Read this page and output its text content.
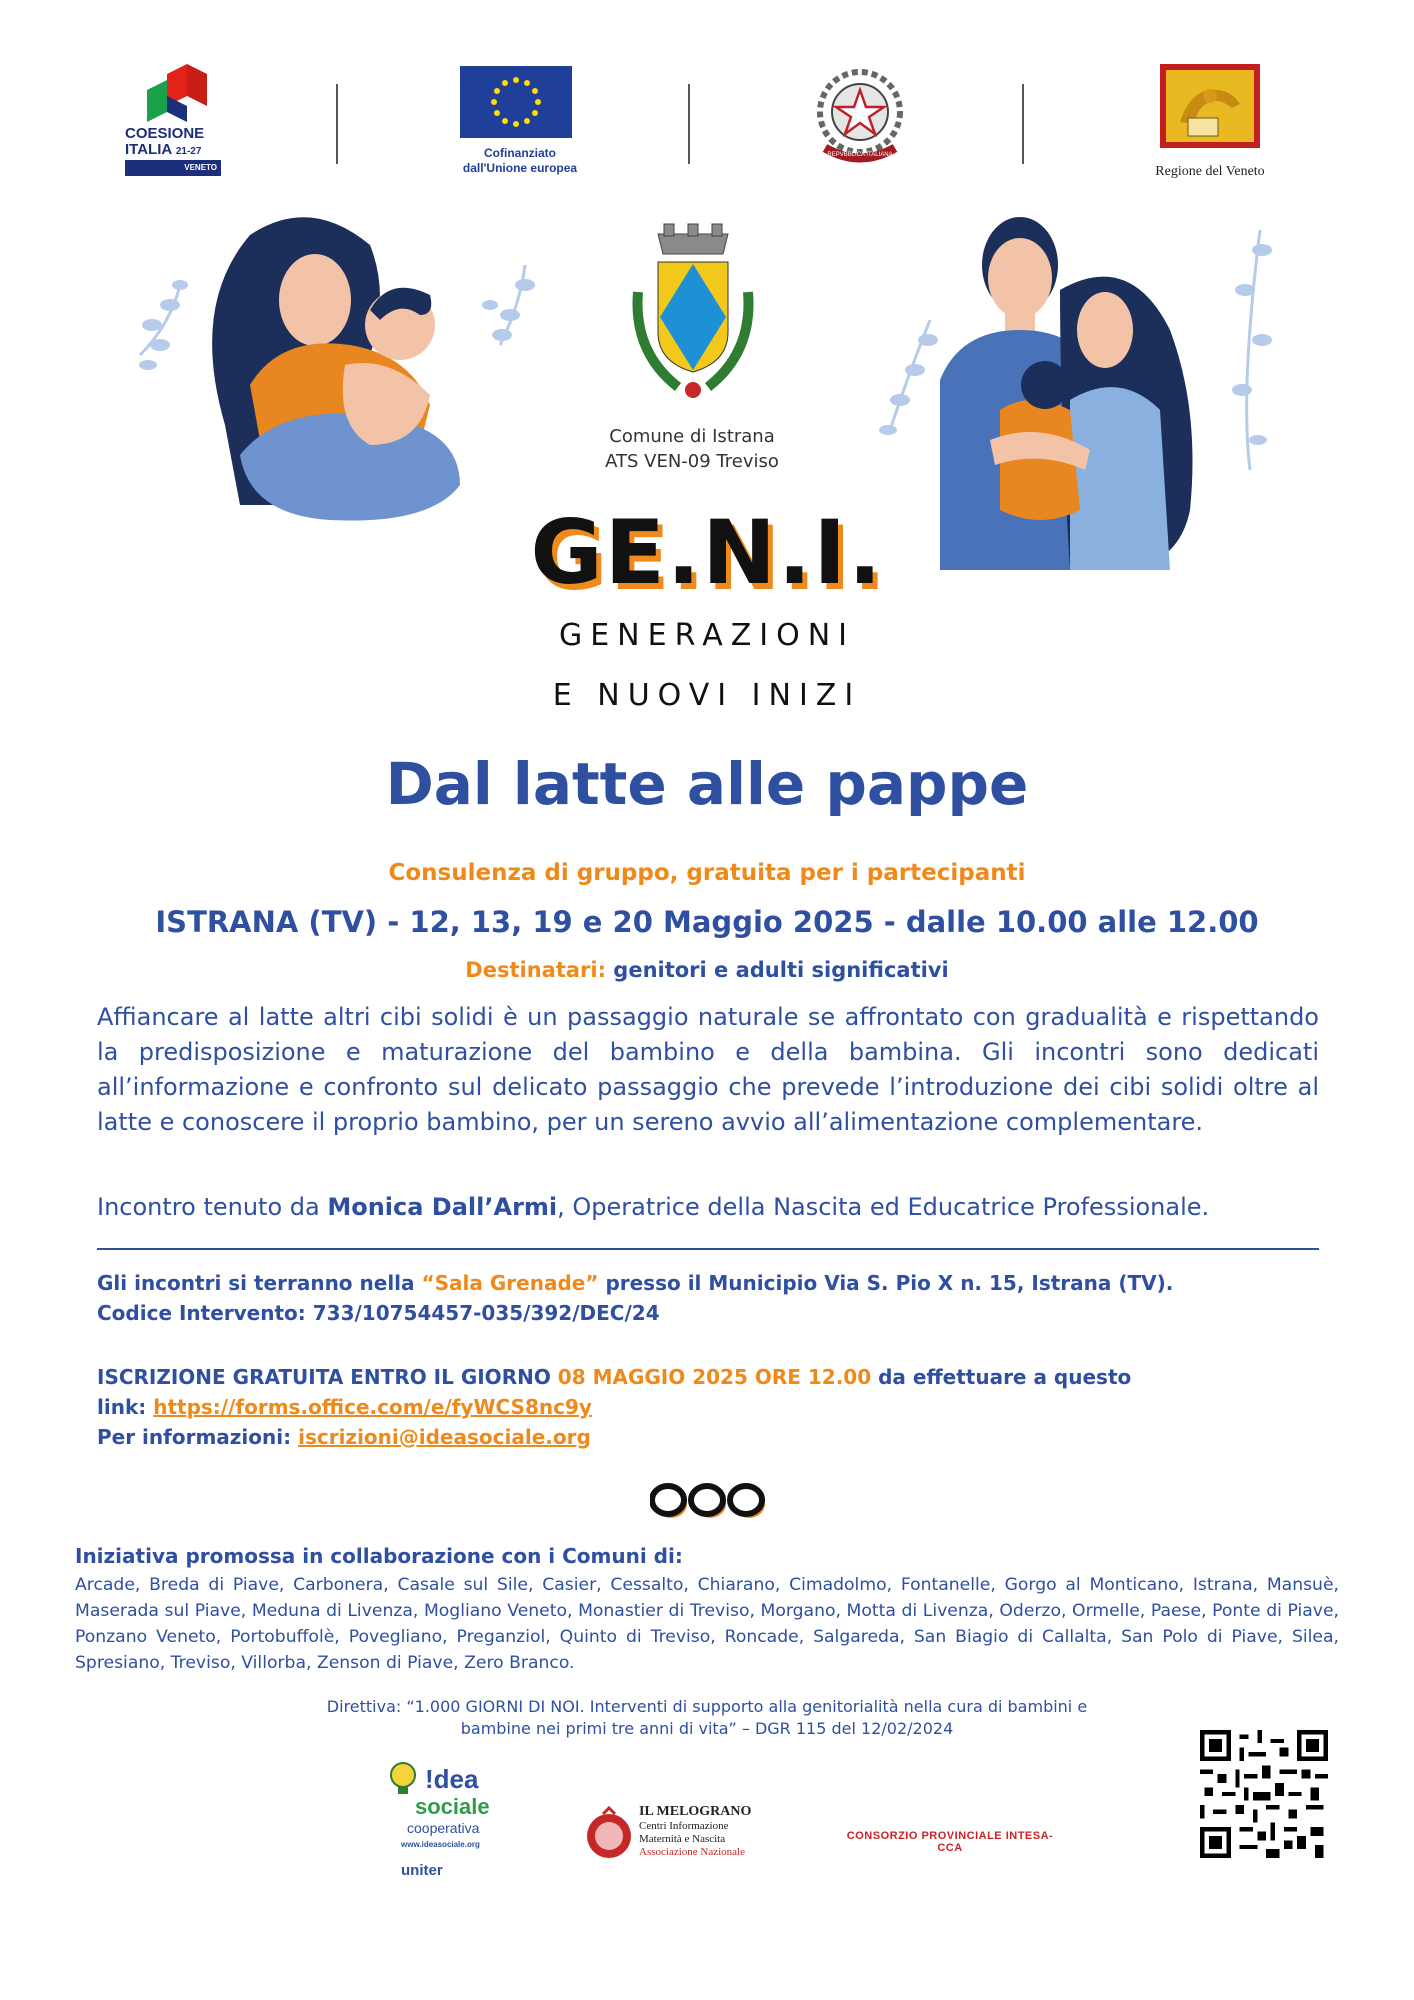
COESIONE
ITALIA 21-27
VENETO
Cofinanziato
dall'Unione europea
REPVBBLICA ITALIANA
Regione del Veneto
Comune di Istrana
ATS VEN-09 Treviso
GE.N.I.
GENERAZIONI
E NUOVI INIZI
Dal latte alle pappe
Consulenza di gruppo, gratuita per i partecipanti
ISTRANA (TV) - 12, 13, 19 e 20 Maggio 2025 - dalle 10.00 alle 12.00
Destinatari: genitori e adulti significativi
Affiancare al latte altri cibi solidi è un passaggio naturale se affrontato con gradualità e rispettando la predisposizione e maturazione del bambino e della bambina. Gli incontri sono dedicati all’informazione e confronto sul delicato passaggio che prevede l’introduzione dei cibi solidi oltre al latte e conoscere il proprio bambino, per un sereno avvio all’alimentazione complementare.
Incontro tenuto da Monica Dall’Armi, Operatrice della Nascita ed Educatrice Professionale.
Gli incontri si terranno nella “Sala Grenade” presso il Municipio Via S. Pio X n. 15, Istrana (TV).
Codice Intervento: 733/10754457-035/392/DEC/24
ISCRIZIONE GRATUITA ENTRO IL GIORNO 08 MAGGIO 2025 ORE 12.00 da effettuare a questo
link: https://forms.office.com/e/fyWCS8nc9y
Per informazioni: iscrizioni@ideasociale.org
Iniziativa promossa in collaborazione con i Comuni di:
Arcade, Breda di Piave, Carbonera, Casale sul Sile, Casier, Cessalto, Chiarano, Cimadolmo, Fontanelle, Gorgo al Monticano, Istrana, Mansuè, Maserada sul Piave, Meduna di Livenza, Mogliano Veneto, Monastier di Treviso, Morgano, Motta di Livenza, Oderzo, Ormelle, Paese, Ponte di Piave, Ponzano Veneto, Portobuffolè, Povegliano, Preganziol, Quinto di Treviso, Roncade, Salgareda, San Biagio di Callalta, San Polo di Piave, Silea, Spresiano, Treviso, Villorba, Zenson di Piave, Zero Branco.
Direttiva: “1.000 GIORNI DI NOI. Interventi di supporto alla genitorialità nella cura di bambini e
bambine nei primi tre anni di vita” – DGR 115 del 12/02/2024
!dea
sociale
cooperativa
www.ideasociale.org
uniter
IL MELOGRANO
Centri Informazione
Maternità e Nascita
Associazione Nazionale
CONSORZIO PROVINCIALE INTESA-CCA
